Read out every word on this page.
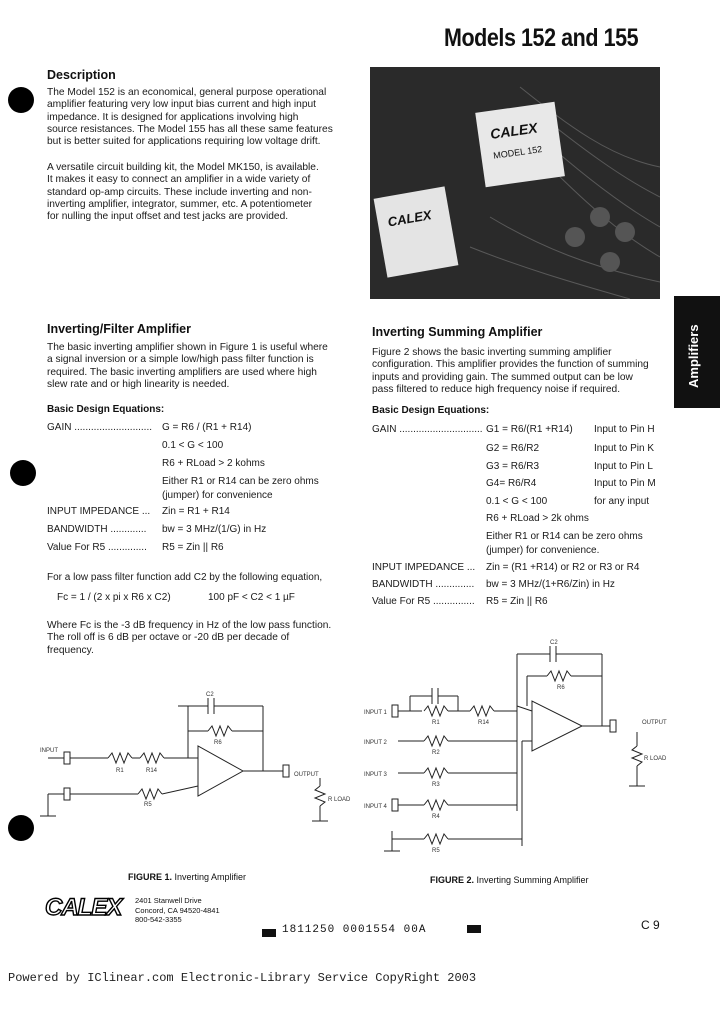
Models 152 and 155
Amplifiers
Description
The Model 152 is an economical, general purpose operational
amplifier featuring very low input bias current and high input
impedance. It is designed for applications involving high
source resistances. The Model 155 has all these same features
but is better suited for applications requiring low voltage drift.
A versatile circuit building kit, the Model MK150, is available.
It makes it easy to connect an amplifier in a wide variety of
standard op-amp circuits. These include inverting and non-
inverting amplifier, integrator, summer, etc. A potentiometer
for nulling the input offset and test jacks are provided.
CALEX
MODEL 152
CALEX
Inverting/Filter Amplifier
The basic inverting amplifier shown in Figure 1 is useful where
a signal inversion or a simple low/high pass filter function is
required. The basic inverting amplifiers are used where high
slew rate and or high linearity is needed.
Basic Design Equations:
GAIN ............................ G = R6 / (R1 + R14)
0.1 < G < 100
R6 + RLoad > 2 kohms
Either R1 or R14 can be zero ohms
(jumper) for convenience
INPUT IMPEDANCE ... Zin = R1 + R14
BANDWIDTH ............. bw = 3 MHz/(1/G) in Hz
Value For R5 .............. R5 = Zin || R6
For a low pass filter function add C2 by the following equation,
Fc = 1 / (2 x pi x R6 x C2)	100 pF < C2 < 1 µF
Where Fc is the -3 dB frequency in Hz of the low pass function.
The roll off is 6 dB per octave or -20 dB per decade of
frequency.
C2
R6
R1	R14
R5
INPUT
OUTPUT
R LOAD
FIGURE 1. Inverting Amplifier
Inverting Summing Amplifier
Figure 2 shows the basic inverting summing amplifier
configuration. This amplifier provides the function of summing
inputs and providing gain. The summed output can be low
pass filtered to reduce high frequency noise if required.
Basic Design Equations:
GAIN .............................. G1 = R6/(R1 +R14) Input to Pin H
G2 = R6/R2	Input to Pin K
G3 = R6/R3	Input to Pin L
G4= R6/R4	Input to Pin M
0.1 < G < 100	for any input
R6 + RLoad > 2k ohms
Either R1 or R14 can be zero ohms
(jumper) for convenience.
INPUT IMPEDANCE ... Zin = (R1 +R14) or R2 or R3 or R4
BANDWIDTH .............. bw = 3 MHz/(1+R6/Zin) in Hz
Value For R5 ............... R5 = Zin || R6
C2
R6
R1	R14
R2
R3
R4
R5
INPUT 1
INPUT 2
INPUT 3
INPUT 4
OUTPUT
R LOAD
FIGURE 2. Inverting Summing Amplifier
CALEX	2401 Stanwell Drive
Concord, CA 94520-4841
800-542-3355	C 9
1811250 0001554 00A
Powered by IClinear.com Electronic-Library Service CopyRight 2003
